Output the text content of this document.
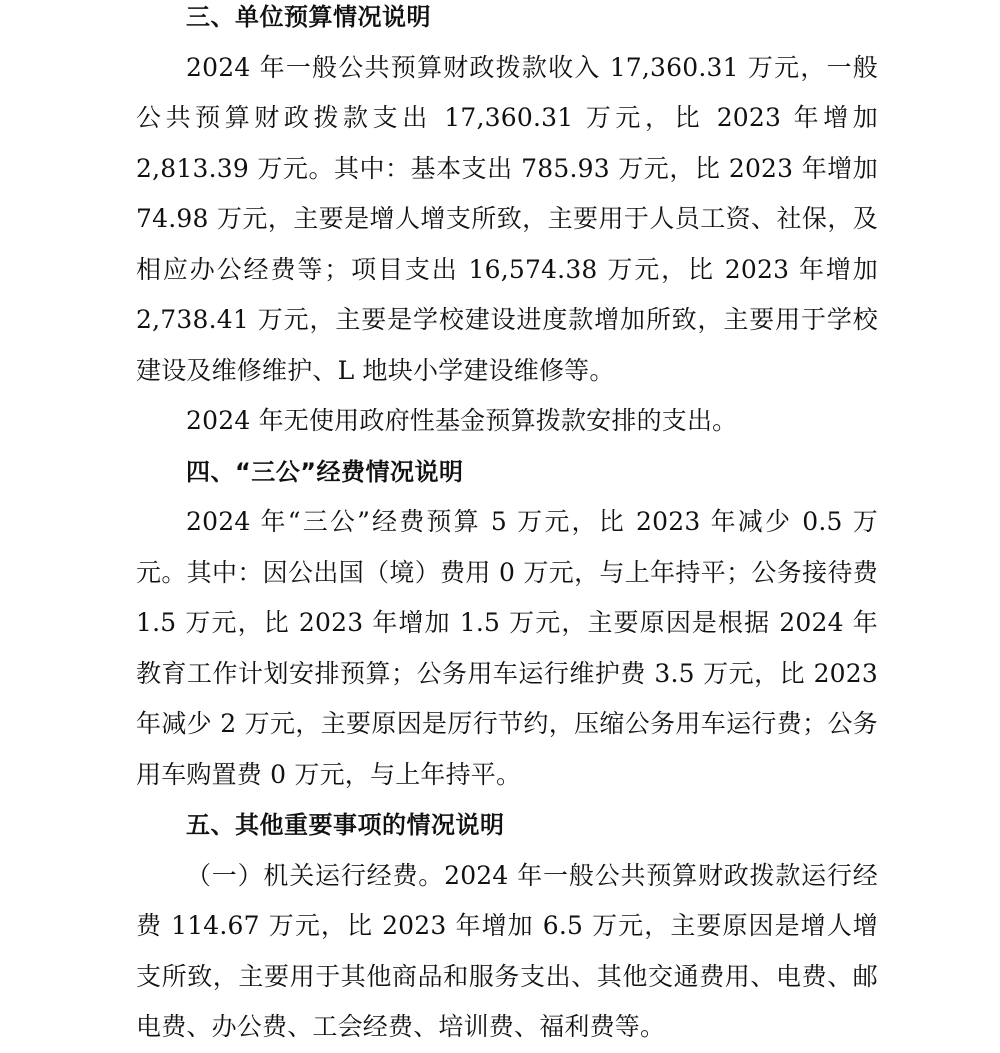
三、单位预算情况说明

2024 年一般公共预算财政拨款收入 17,360.31 万元，一般公共预算财政拨款支出 17,360.31 万元，比 2023 年增加 2,813.39 万元。其中：基本支出 785.93 万元，比 2023 年增加 74.98 万元，主要是增人增支所致，主要用于人员工资、社保，及相应办公经费等；项目支出 16,574.38 万元，比 2023 年增加 2,738.41 万元，主要是学校建设进度款增加所致，主要用于学校建设及维修维护、L 地块小学建设维修等。

2024 年无使用政府性基金预算拨款安排的支出。

四、“三公”经费情况说明

2024 年“三公”经费预算 5 万元，比 2023 年减少 0.5 万元。其中：因公出国（境）费用 0 万元，与上年持平；公务接待费 1.5 万元，比 2023 年增加 1.5 万元，主要原因是根据 2024 年教育工作计划安排预算；公务用车运行维护费 3.5 万元，比 2023 年减少 2 万元，主要原因是厉行节约，压缩公务用车运行费；公务用车购置费 0 万元，与上年持平。

五、其他重要事项的情况说明

（一）机关运行经费。2024 年一般公共预算财政拨款运行经费 114.67 万元，比 2023 年增加 6.5 万元，主要原因是增人增支所致，主要用于其他商品和服务支出、其他交通费用、电费、邮电费、办公费、工会经费、培训费、福利费等。
